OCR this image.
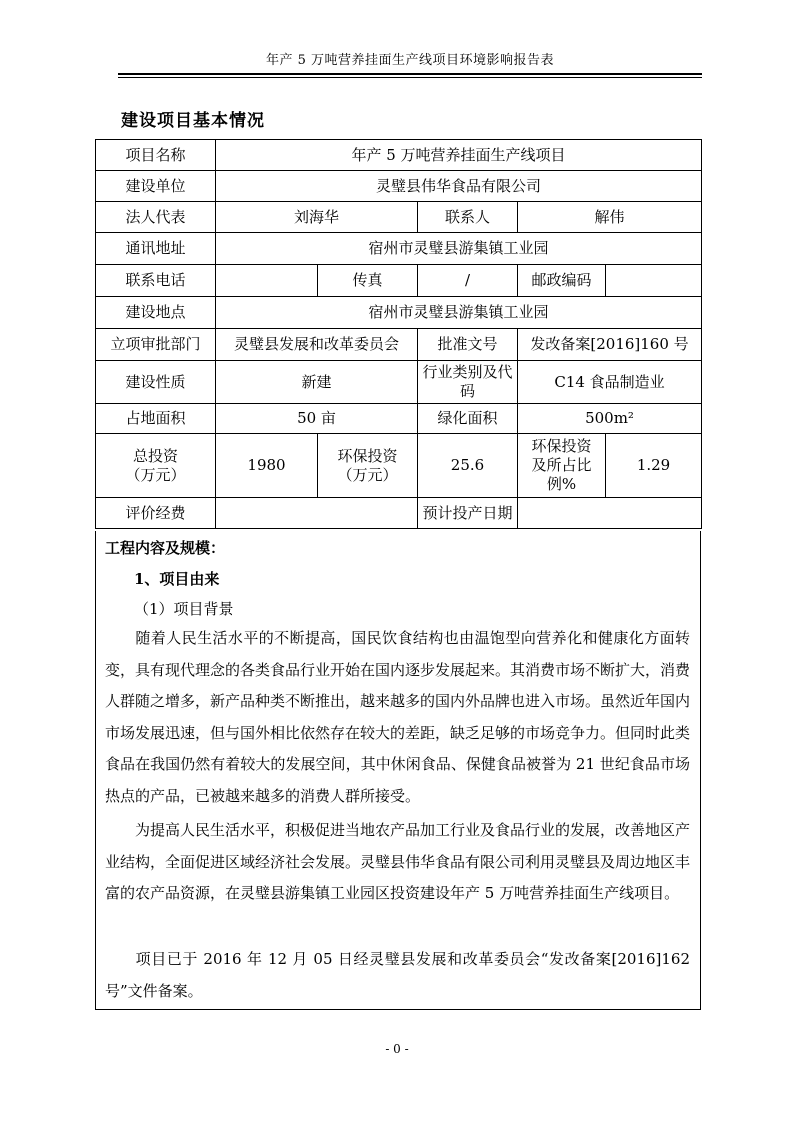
年产 5 万吨营养挂面生产线项目环境影响报告表
建设项目基本情况
项目名称	年产 5 万吨营养挂面生产线项目				
建设单位	灵璧县伟华食品有限公司				
法人代表	刘海华		联系人	解伟	
通讯地址	宿州市灵璧县游集镇工业园				
联系电话		传真	/	邮政编码	
建设地点	宿州市灵璧县游集镇工业园				
立项审批部门	灵璧县发展和改革委员会		批准文号	发改备案[2016]160 号	
建设性质	新建		行业类别及代码	C14 食品制造业	
占地面积	50 亩		绿化面积	500m²	
总投资（万元）	1980	环保投资（万元）	25.6	环保投资及所占比例%	1.29
评价经费			预计投产日期		
工程内容及规模：
1、项目由来
（1）项目背景
随着人民生活水平的不断提高，国民饮食结构也由温饱型向营养化和健康化方面转变，具有现代理念的各类食品行业开始在国内逐步发展起来。其消费市场不断扩大，消费人群随之增多，新产品种类不断推出，越来越多的国内外品牌也进入市场。虽然近年国内市场发展迅速，但与国外相比依然存在较大的差距，缺乏足够的市场竞争力。但同时此类食品在我国仍然有着较大的发展空间，其中休闲食品、保健食品被誉为 21 世纪食品市场热点的产品，已被越来越多的消费人群所接受。
为提高人民生活水平，积极促进当地农产品加工行业及食品行业的发展，改善地区产业结构，全面促进区域经济社会发展。灵璧县伟华食品有限公司利用灵璧县及周边地区丰富的农产品资源，在灵璧县游集镇工业园区投资建设年产 5 万吨营养挂面生产线项目。
项目已于 2016 年 12 月 05 日经灵璧县发展和改革委员会“发改备案[2016]162 号”文件备案。
- 0 -
